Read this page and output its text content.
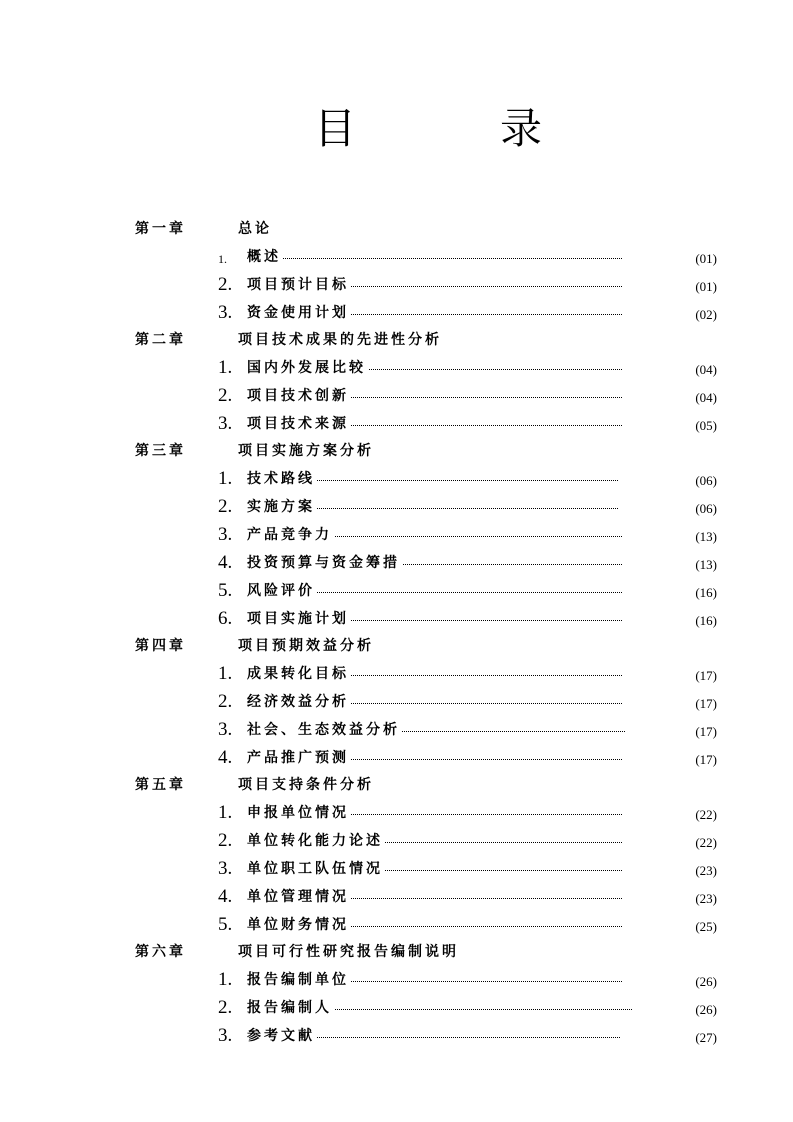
目	录
第一章	总论
1. 概述	(01)
2. 项目预计目标	(01)
3. 资金使用计划	(02)
第二章	项目技术成果的先进性分析
1. 国内外发展比较	(04)
2. 项目技术创新	(04)
3. 项目技术来源	(05)
第三章	项目实施方案分析
1. 技术路线	(06)
2. 实施方案	(06)
3. 产品竞争力	(13)
4. 投资预算与资金筹措	(13)
5. 风险评价	(16)
6. 项目实施计划	(16)
第四章	项目预期效益分析
1. 成果转化目标	(17)
2. 经济效益分析	(17)
3. 社会、生态效益分析	(17)
4. 产品推广预测	(17)
第五章	项目支持条件分析
1. 申报单位情况	(22)
2. 单位转化能力论述	(22)
3. 单位职工队伍情况	(23)
4. 单位管理情况	(23)
5. 单位财务情况	(25)
第六章	项目可行性研究报告编制说明
1. 报告编制单位	(26)
2. 报告编制人	(26)
3. 参考文献	(27)
